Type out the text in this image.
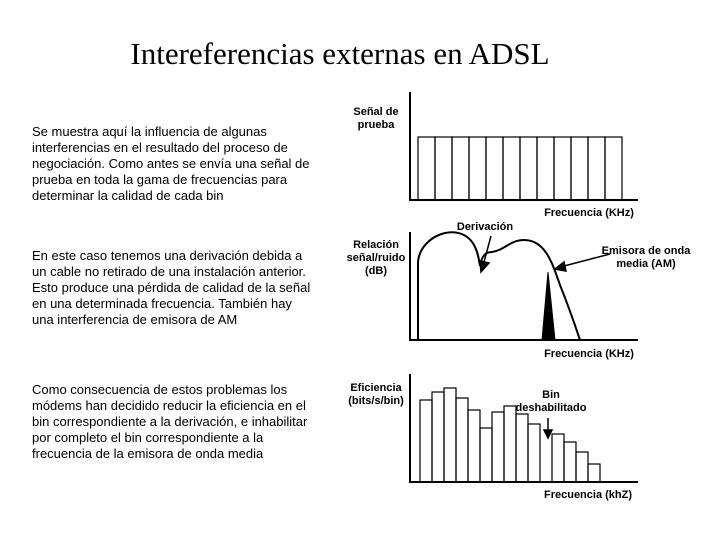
Intereferencias externas en ADSL
Se muestra aquí la influencia de algunas interferencias en el resultado del proceso de negociación. Como antes se envía una señal de prueba en toda la gama de frecuencias para determinar la calidad de cada bin
En este caso tenemos una derivación debida a un cable no retirado de una instalación anterior. Esto produce una pérdida de calidad de la señal en una determinada frecuencia. También hay una interferencia de emisora de AM
Como consecuencia de estos problemas los módems han decidido reducir la eficiencia en el bin correspondiente a la derivación, e inhabilitar por completo el bin correspondiente a la frecuencia de la emisora de onda media
Señal de prueba
Frecuencia (KHz)
Derivación
Relación señal/ruido (dB)
Emisora de onda media (AM)
Frecuencia (KHz)
Eficiencia (bits/s/bin)	Bin deshabilitado
Frecuencia (khZ)
